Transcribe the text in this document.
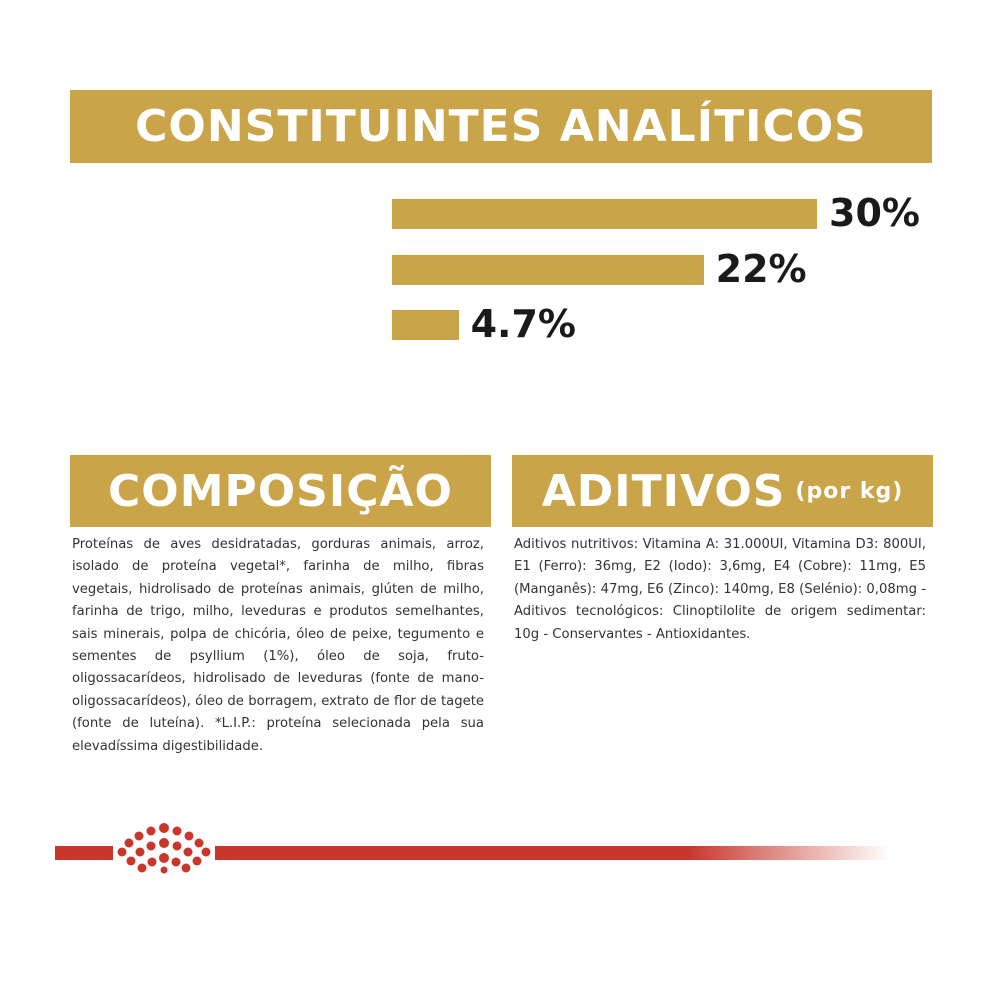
CONSTITUINTES ANALÍTICOS
30%
22%
4.7%
COMPOSIÇÃO

Proteínas de aves desidratadas, gorduras animais, arroz, isolado de proteína vegetal*, farinha de milho, fibras vegetais, hidrolisado de proteínas animais, glúten de milho, farinha de trigo, milho, leveduras e produtos semelhantes, sais minerais, polpa de chicória, óleo de peixe, tegumento e sementes de psyllium (1%), óleo de soja, fruto-oligossacarídeos, hidrolisado de leveduras (fonte de mano-oligossacarídeos), óleo de borragem, extrato de flor de tagete (fonte de luteína). *L.I.P.: proteína selecionada pela sua elevadíssima digestibilidade.

ADITIVOS (por kg)

Aditivos nutritivos: Vitamina A: 31.000UI, Vitamina D3: 800UI, E1 (Ferro): 36mg, E2 (Iodo): 3,6mg, E4 (Cobre): 11mg, E5 (Manganês): 47mg, E6 (Zinco): 140mg, E8 (Selénio): 0,08mg - Aditivos tecnológicos: Clinoptilolite de origem sedimentar: 10g - Conservantes - Antioxidantes.
